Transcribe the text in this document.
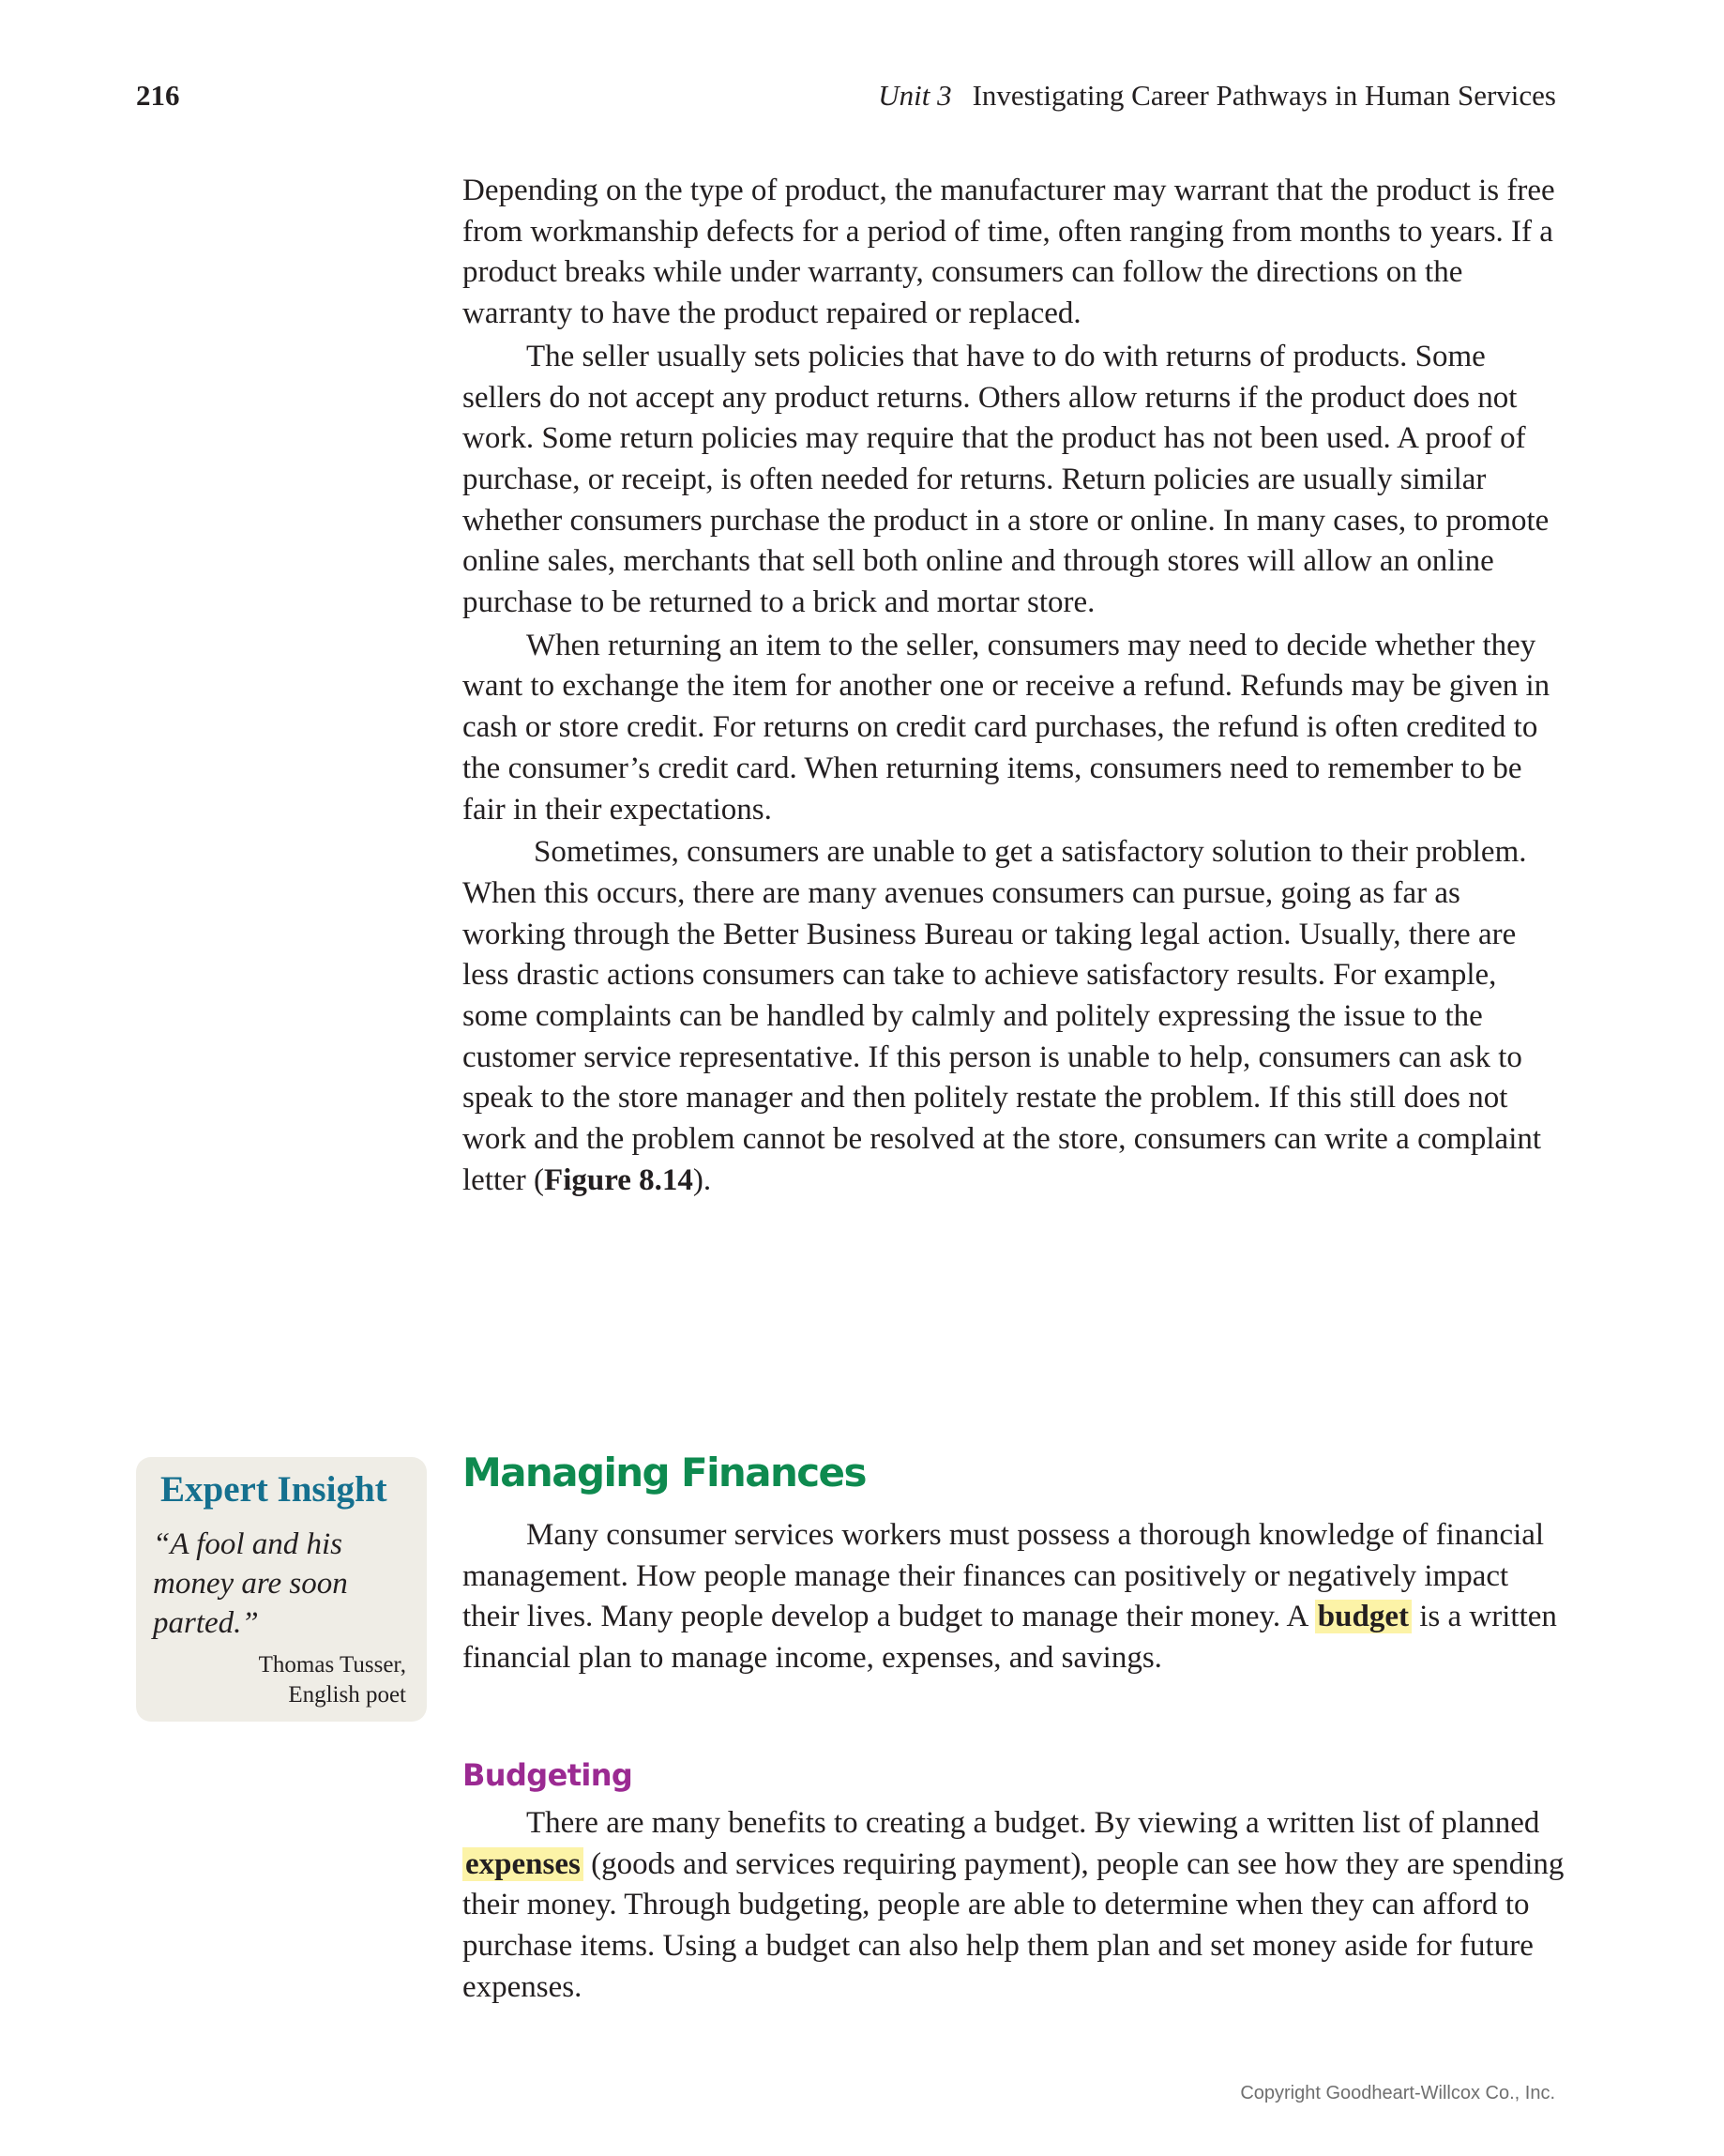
216	Unit 3 Investigating Career Pathways in Human Services

Depending on the type of product, the manufacturer may warrant that the product is free from workmanship defects for a period of time, often ranging from months to years. If a product breaks while under warranty, consumers can follow the directions on the warranty to have the product repaired or replaced.

The seller usually sets policies that have to do with returns of products. Some sellers do not accept any product returns. Others allow returns if the product does not work. Some return policies may require that the product has not been used. A proof of purchase, or receipt, is often needed for returns. Return policies are usually similar whether consumers purchase the product in a store or online. In many cases, to promote online sales, merchants that sell both online and through stores will allow an online purchase to be returned to a brick and mortar store.

When returning an item to the seller, consumers may need to decide whether they want to exchange the item for another one or receive a refund. Refunds may be given in cash or store credit. For returns on credit card purchases, the refund is often credited to the consumer’s credit card. When returning items, consumers need to remember to be fair in their expectations.

Sometimes, consumers are unable to get a satisfactory solution to their problem. When this occurs, there are many avenues consumers can pursue, going as far as working through the Better Business Bureau or taking legal action. Usually, there are less drastic actions consumers can take to achieve satisfactory results. For example, some complaints can be handled by calmly and politely expressing the issue to the customer service representative. If this person is unable to help, consumers can ask to speak to the store manager and then politely restate the problem. If this still does not work and the problem cannot be resolved at the store, consumers can write a complaint letter (Figure 8.14).

Expert Insight

“A fool and his money are soon parted.”

Thomas Tusser,
English poet
Managing Finances

Many consumer services workers must possess a thorough knowledge of financial management. How people manage their finances can positively or negatively impact their lives. Many people develop a budget to manage their money. A budget is a written financial plan to manage income, expenses, and savings.

Budgeting

There are many benefits to creating a budget. By viewing a written list of planned expenses (goods and services requiring payment), people can see how they are spending their money. Through budgeting, people are able to determine when they can afford to purchase items. Using a budget can also help them plan and set money aside for future expenses.

Copyright Goodheart-Willcox Co., Inc.
